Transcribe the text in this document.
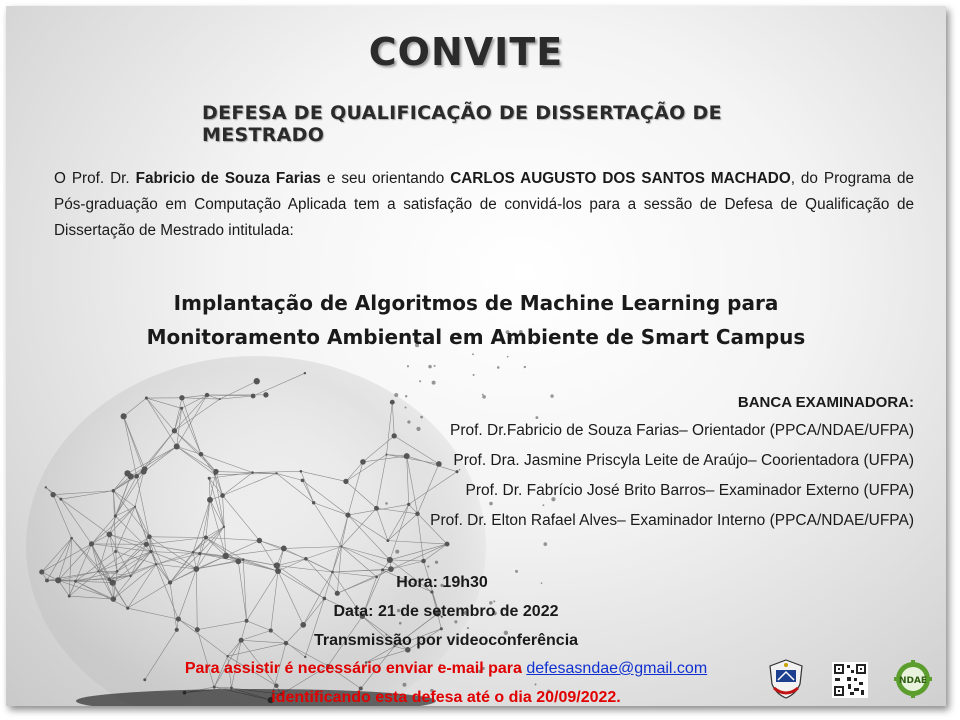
CONVITE
DEFESA DE QUALIFICAÇÃO DE DISSERTAÇÃO DE MESTRADO
O Prof. Dr. Fabricio de Souza Farias e seu orientando CARLOS AUGUSTO DOS SANTOS MACHADO, do Programa de Pós-graduação em Computação Aplicada tem a satisfação de convidá-los para a sessão de Defesa de Qualificação de Dissertação de Mestrado intitulada:
Implantação de Algoritmos de Machine Learning para
Monitoramento Ambiental em Ambiente de Smart Campus
BANCA EXAMINADORA:
Prof. Dr.Fabricio de Souza Farias– Orientador (PPCA/NDAE/UFPA)
Prof. Dra. Jasmine Priscyla Leite de Araújo– Coorientadora (UFPA)
Prof. Dr. Fabrício José Brito Barros– Examinador Externo (UFPA)
Prof. Dr. Elton Rafael Alves– Examinador Interno (PPCA/NDAE/UFPA)
Hora: 19h30
Data: 21 de setembro de 2022
Transmissão por videoconferência
Para assistir é necessário enviar e-mail para defesasndae@gmail.com
identificando esta defesa até o dia 20/09/2022.
NDAE
